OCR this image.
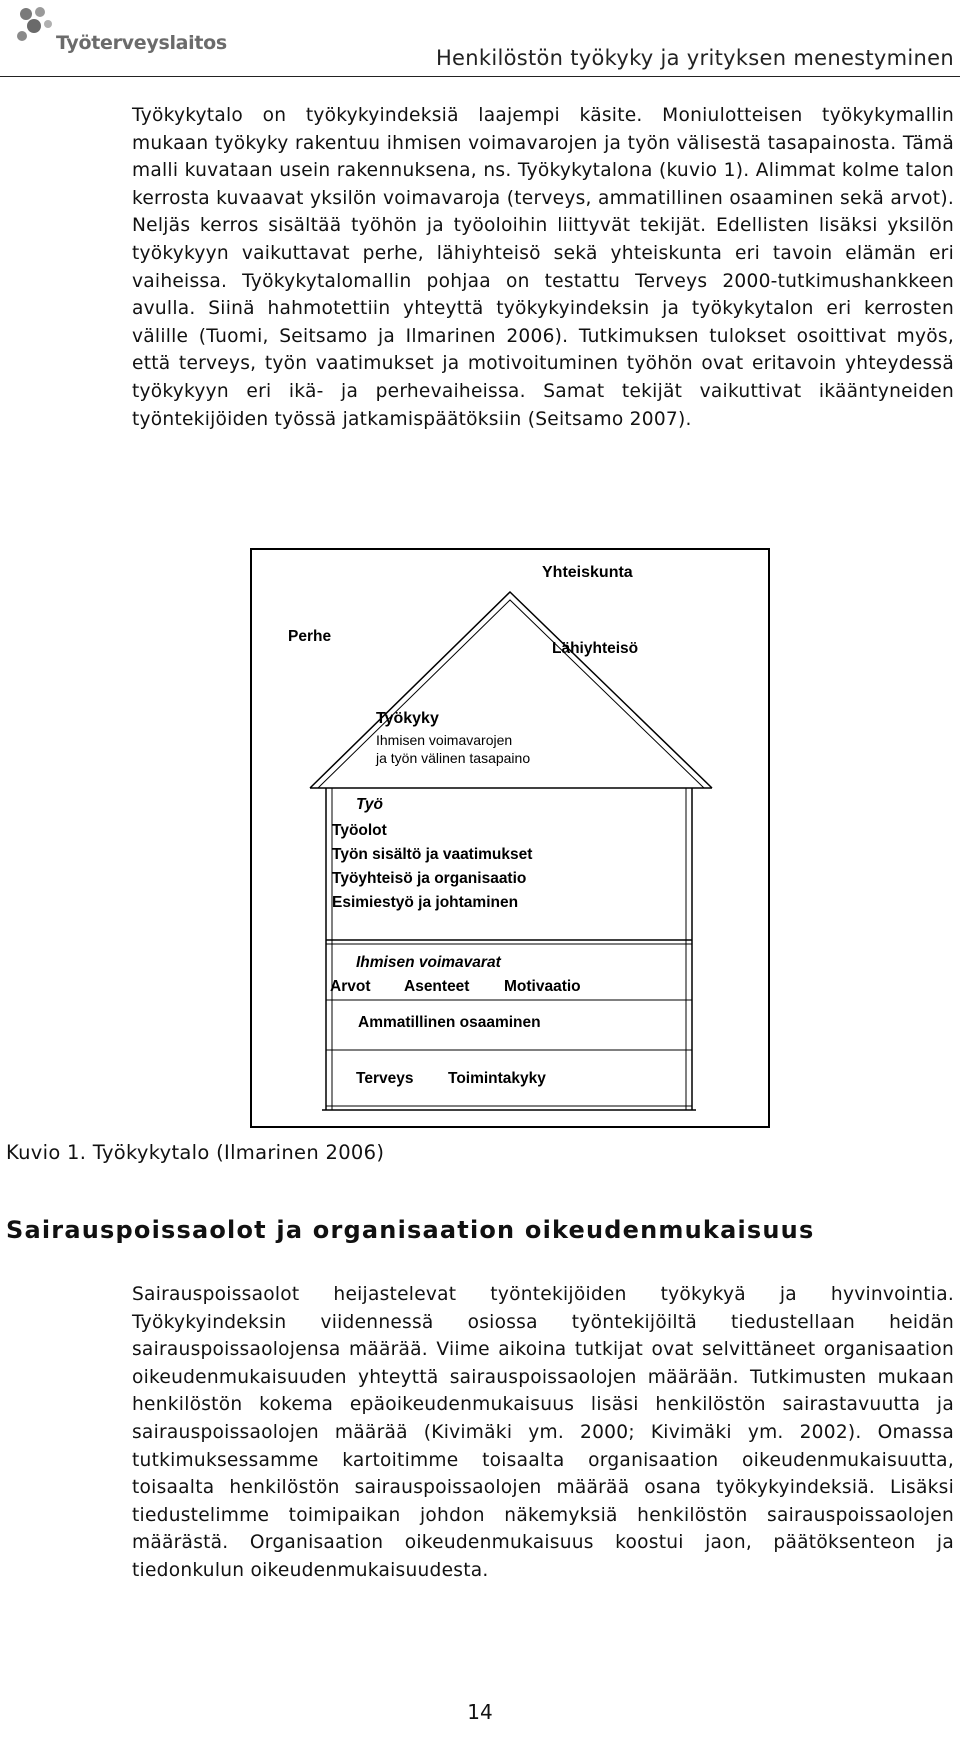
Työterveyslaitos
Henkilöstön työkyky ja yrityksen menestyminen

Työkykytalo on työkykyindeksiä laajempi käsite. Moniulotteisen työkykymallin mukaan työkyky rakentuu ihmisen voimavarojen ja työn välisestä tasapainosta. Tämä malli kuvataan usein rakennuksena, ns. Työkykytalona (kuvio 1). Alimmat kolme talon kerrosta kuvaavat yksilön voimavaroja (terveys, ammatillinen osaaminen sekä arvot). Neljäs kerros sisältää työhön ja työoloihin liittyvät tekijät. Edellisten lisäksi yksilön työkykyyn vaikuttavat perhe, lähiyhteisö sekä yhteiskunta eri tavoin elämän eri vaiheissa. Työkykytalomallin pohjaa on testattu Terveys 2000-tutkimushankkeen avulla. Siinä hahmotettiin yhteyttä työkykyindeksin ja työkykytalon eri kerrosten välille (Tuomi, Seitsamo ja Ilmarinen 2006). Tutkimuksen tulokset osoittivat myös, että terveys, työn vaatimukset ja motivoituminen työhön ovat eritavoin yhteydessä työkykyyn eri ikä- ja perhevaiheissa. Samat tekijät vaikuttivat ikääntyneiden työntekijöiden työssä jatkamispäätöksiin (Seitsamo 2007).

Yhteiskunta
Perhe
Lähiyhteisö
Työkyky
Ihmisen voimavarojen
ja työn välinen tasapaino
Työ
Työolot
Työn sisältö ja vaatimukset
Työyhteisö ja organisaatio
Esimiestyö ja johtaminen
Ihmisen voimavarat
Arvot Asenteet Motivaatio
Ammatillinen osaaminen
Terveys Toimintakyky
Kuvio 1. Työkykytalo (Ilmarinen 2006)
Sairauspoissaolot ja organisaation oikeudenmukaisuus

Sairauspoissaolot heijastelevat työntekijöiden työkykyä ja hyvinvointia. Työkykyindeksin viidennessä osiossa työntekijöiltä tiedustellaan heidän sairauspoissaolojensa määrää. Viime aikoina tutkijat ovat selvittäneet organisaation oikeudenmukaisuuden yhteyttä sairauspoissaolojen määrään. Tutkimusten mukaan henkilöstön kokema epäoikeudenmukaisuus lisäsi henkilöstön sairastavuutta ja sairauspoissaolojen määrää (Kivimäki ym. 2000; Kivimäki ym. 2002). Omassa tutkimuksessamme kartoitimme toisaalta organisaation oikeudenmukaisuutta, toisaalta henkilöstön sairauspoissaolojen määrää osana työkykyindeksiä. Lisäksi tiedustelimme toimipaikan johdon näkemyksiä henkilöstön sairauspoissaolojen määrästä. Organisaation oikeudenmukaisuus koostui jaon, päätöksenteon ja tiedonkulun oikeudenmukaisuudesta.

14
